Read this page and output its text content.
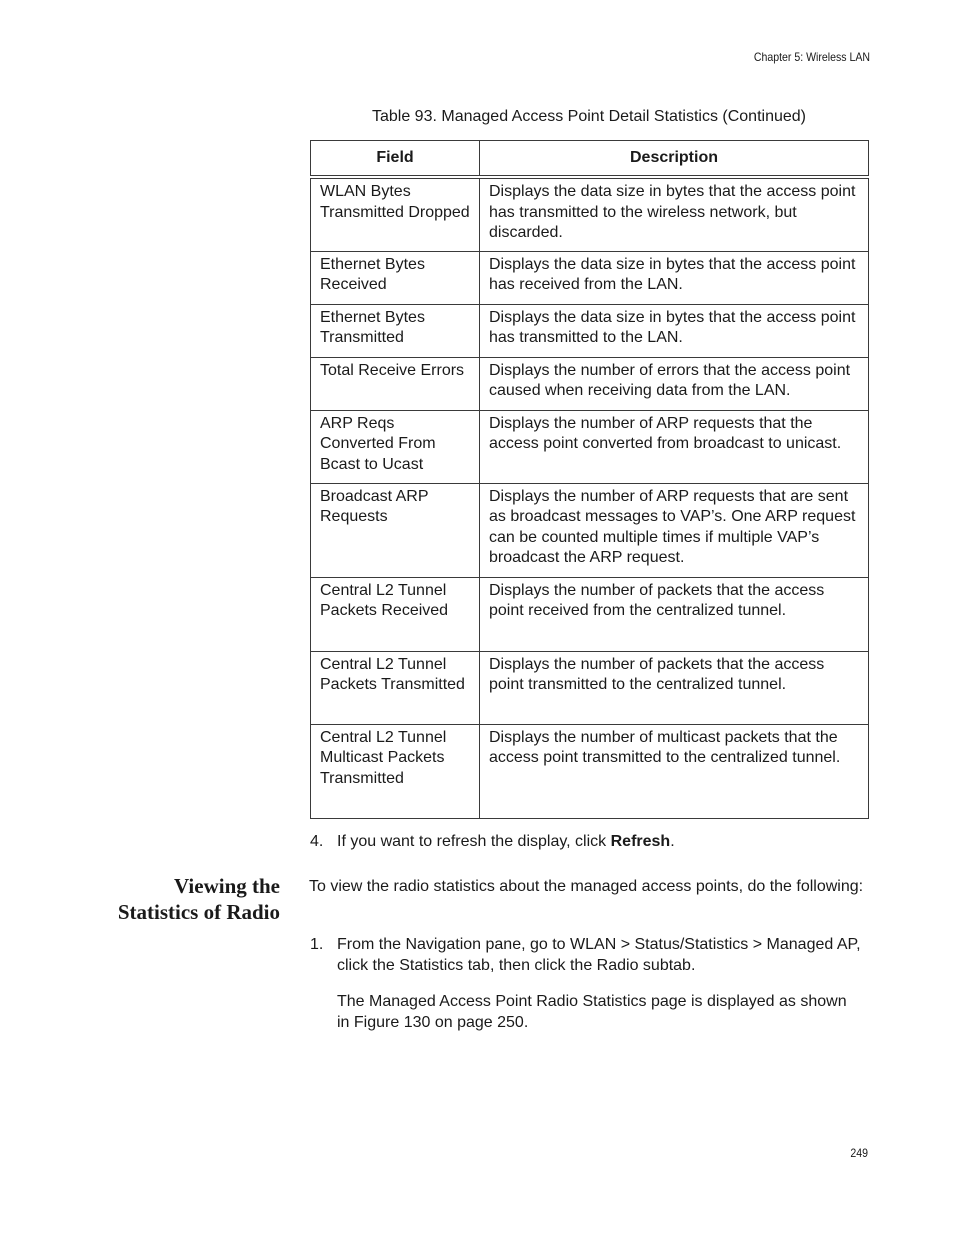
Chapter 5: Wireless LAN
Table 93. Managed Access Point Detail Statistics (Continued)
Field	Description
WLAN Bytes Transmitted Dropped	Displays the data size in bytes that the access point has transmitted to the wireless network, but discarded.
Ethernet Bytes Received	Displays the data size in bytes that the access point has received from the LAN.
Ethernet Bytes Transmitted	Displays the data size in bytes that the access point has transmitted to the LAN.
Total Receive Errors	Displays the number of errors that the access point caused when receiving data from the LAN.
ARP Reqs Converted From Bcast to Ucast	Displays the number of ARP requests that the access point converted from broadcast to unicast.
Broadcast ARP Requests	Displays the number of ARP requests that are sent as broadcast messages to VAP’s. One ARP request can be counted multiple times if multiple VAP’s broadcast the ARP request.
Central L2 Tunnel Packets Received	Displays the number of packets that the access point received from the centralized tunnel.
Central L2 Tunnel Packets Transmitted	Displays the number of packets that the access point transmitted to the centralized tunnel.
Central L2 Tunnel Multicast Packets Transmitted	Displays the number of multicast packets that the access point transmitted to the centralized tunnel.
4. If you want to refresh the display, click Refresh.
Viewing the
Statistics of Radio
To view the radio statistics about the managed access points, do the following:
1. From the Navigation pane, go to WLAN > Status/Statistics > Managed AP, click the Statistics tab, then click the Radio subtab.
The Managed Access Point Radio Statistics page is displayed as shown in Figure 130 on page 250.
249
